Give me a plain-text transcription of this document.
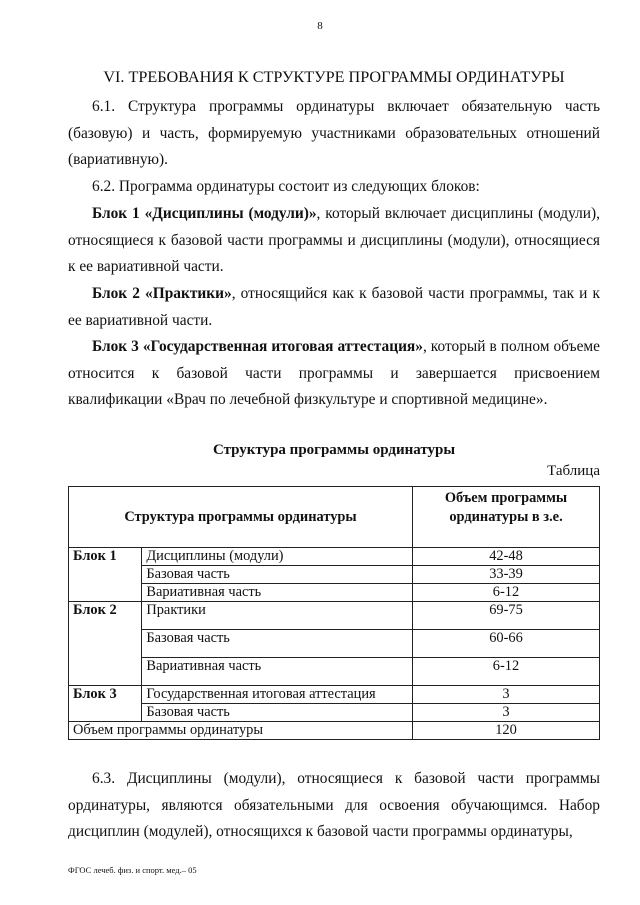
8
VI. ТРЕБОВАНИЯ К СТРУКТУРЕ ПРОГРАММЫ ОРДИНАТУРЫ

6.1. Структура программы ординатуры включает обязательную часть (базовую) и часть, формируемую участниками образовательных отношений (вариативную).

6.2. Программа ординатуры состоит из следующих блоков:

Блок 1 «Дисциплины (модули)», который включает дисциплины (модули), относящиеся к базовой части программы и дисциплины (модули), относящиеся к ее вариативной части.

Блок 2 «Практики», относящийся как к базовой части программы, так и к ее вариативной части.

Блок 3 «Государственная итоговая аттестация», который в полном объеме относится к базовой части программы и завершается присвоением квалификации «Врач по лечебной физкультуре и спортивной медицине».

Структура программы ординатуры
Таблица
Структура программы ординатуры		Объем программы ординатуры в з.е.
Блок 1	Дисциплины (модули)	42-48
	Базовая часть	33-39
	Вариативная часть	6-12
Блок 2	Практики	69-75
	Базовая часть	60-66
	Вариативная часть	6-12
Блок 3	Государственная итоговая аттестация	3
	Базовая часть	3
Объем программы ординатуры		120

6.3. Дисциплины (модули), относящиеся к базовой части программы ординатуры, являются обязательными для освоения обучающимся. Набор дисциплин (модулей), относящихся к базовой части программы ординатуры,

ФГОС лечеб. физ. и спорт. мед.– 05
